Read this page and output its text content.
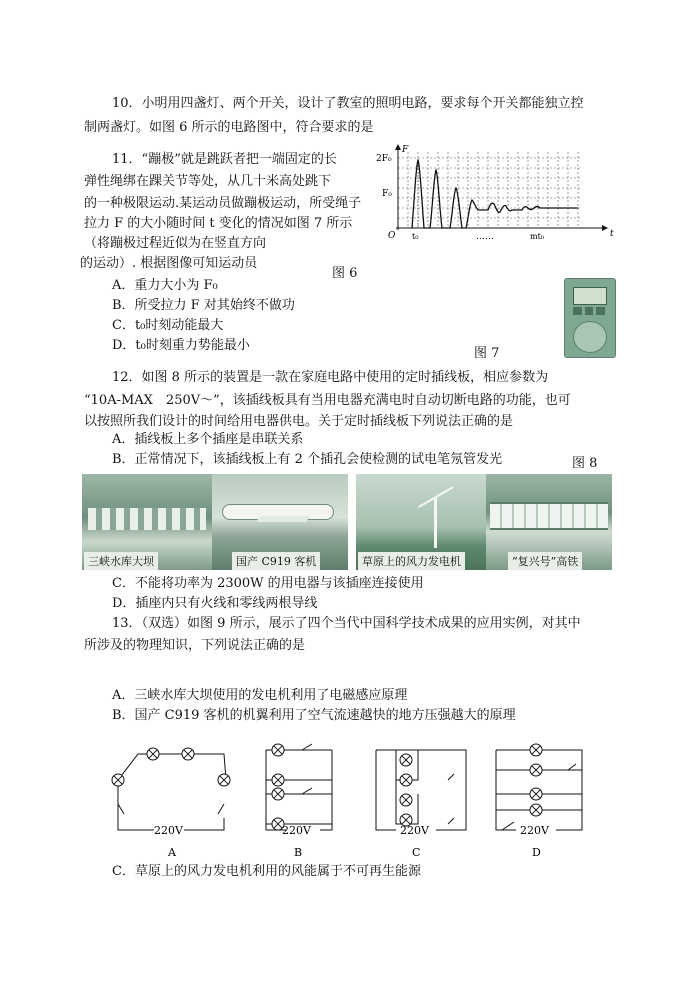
10．小明用四盏灯、两个开关，设计了教室的照明电路，要求每个开关都能独立控
制两盏灯。如图 6 所示的电路图中，符合要求的是
11．“蹦极”就是跳跃者把一端固定的长
弹性绳绑在踝关节等处，从几十米高处跳下
的一种极限运动.某运动员做蹦极运动，所受绳子
拉力 F 的大小随时间 t 变化的情况如图 7 所示
（将蹦极过程近似为在竖直方向
的运动）. 根据图像可知运动员
图 6
A．重力大小为 F₀
B．所受拉力 F 对其始终不做功
C．t₀时刻动能最大
D．t₀时刻重力势能最小
2F₀
F₀
F
t
O t₀	……	mt₀
图 7
12．如图 8 所示的装置是一款在家庭电路中使用的定时插线板，相应参数为
“10A-MAX　250V～”，该插线板具有当用电器充满电时自动切断电路的功能，也可
以按照所我们设计的时间给用电器供电。关于定时插线板下列说法正确的是
A．插线板上多个插座是串联关系
B．正常情况下，该插线板上有 2 个插孔会使检测的试电笔氖管发光	图 8
三峡水库大坝	国产 C919 客机	草原上的风力发电机	“复兴号”高铁
C．不能将功率为 2300W 的用电器与该插座连接使用
D．插座内只有火线和零线两根导线
13．（双选）如图 9 所示，展示了四个当代中国科学技术成果的应用实例，对其中
所涉及的物理知识，下列说法正确的是
A．三峡水库大坝使用的发电机利用了电磁感应原理
B．国产 C919 客机的机翼利用了空气流速越快的地方压强越大的原理
220V	220V	220V	220V
A	B	C	D
C．草原上的风力发电机利用的风能属于不可再生能源
